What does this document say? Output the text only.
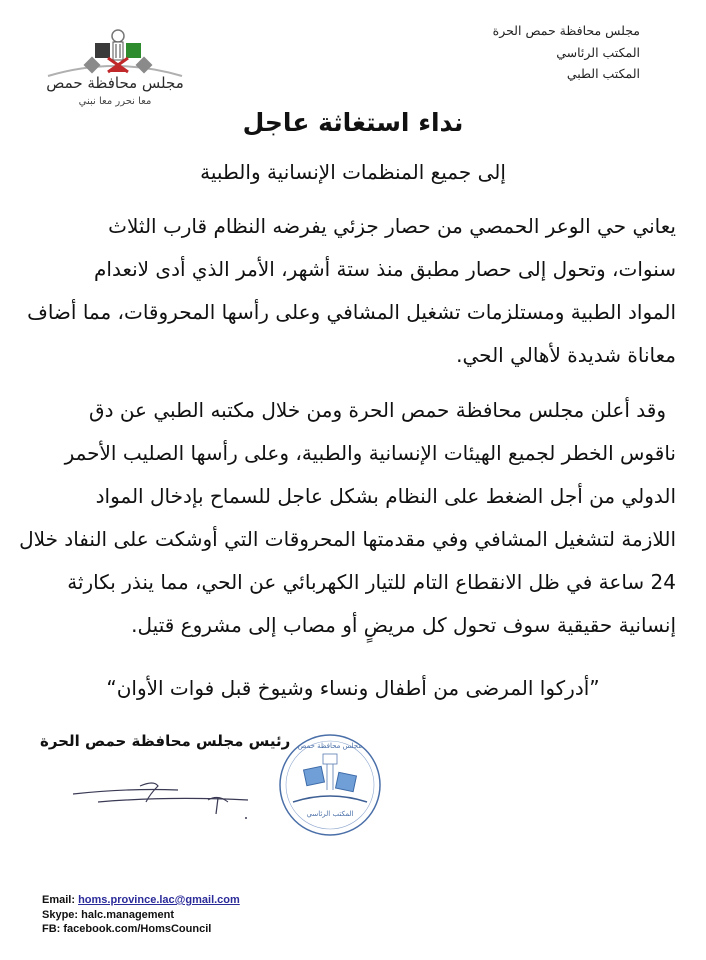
مجلس محافظة حمص
معا نحرر معا نبني
مجلس محافظة حمص الحرة
المكتب الرئاسي
المكتب الطبي
نداء استغاثة عاجل
إلى جميع المنظمات الإنسانية والطبية
يعاني حي الوعر الحمصي من حصار جزئي يفرضه النظام قارب الثلاث
سنوات، وتحول إلى حصار مطبق منذ ستة أشهر، الأمر الذي أدى لانعدام
المواد الطبية ومستلزمات تشغيل المشافي وعلى رأسها المحروقات، مما أضاف
معاناة شديدة لأهالي الحي.
وقد أعلن مجلس محافظة حمص الحرة ومن خلال مكتبه الطبي عن دق
ناقوس الخطر لجميع الهيئات الإنسانية والطبية، وعلى رأسها الصليب الأحمر
الدولي من أجل الضغط على النظام بشكل عاجل للسماح بإدخال المواد
اللازمة لتشغيل المشافي وفي مقدمتها المحروقات التي أوشكت على النفاد خلال
24 ساعة في ظل الانقطاع التام للتيار الكهربائي عن الحي، مما ينذر بكارثة
إنسانية حقيقية سوف تحول كل مريضٍ أو مصاب إلى مشروع قتيل.
”أدركوا المرضى من أطفال ونساء وشيوخ قبل فوات الأوان“
رئيس مجلس محافظة حمص الحرة
المكتب الرئاسي
مجلس محافظة حمص
Email: homs.province.lac@gmail.com
Skype: halc.management
FB: facebook.com/HomsCouncil
